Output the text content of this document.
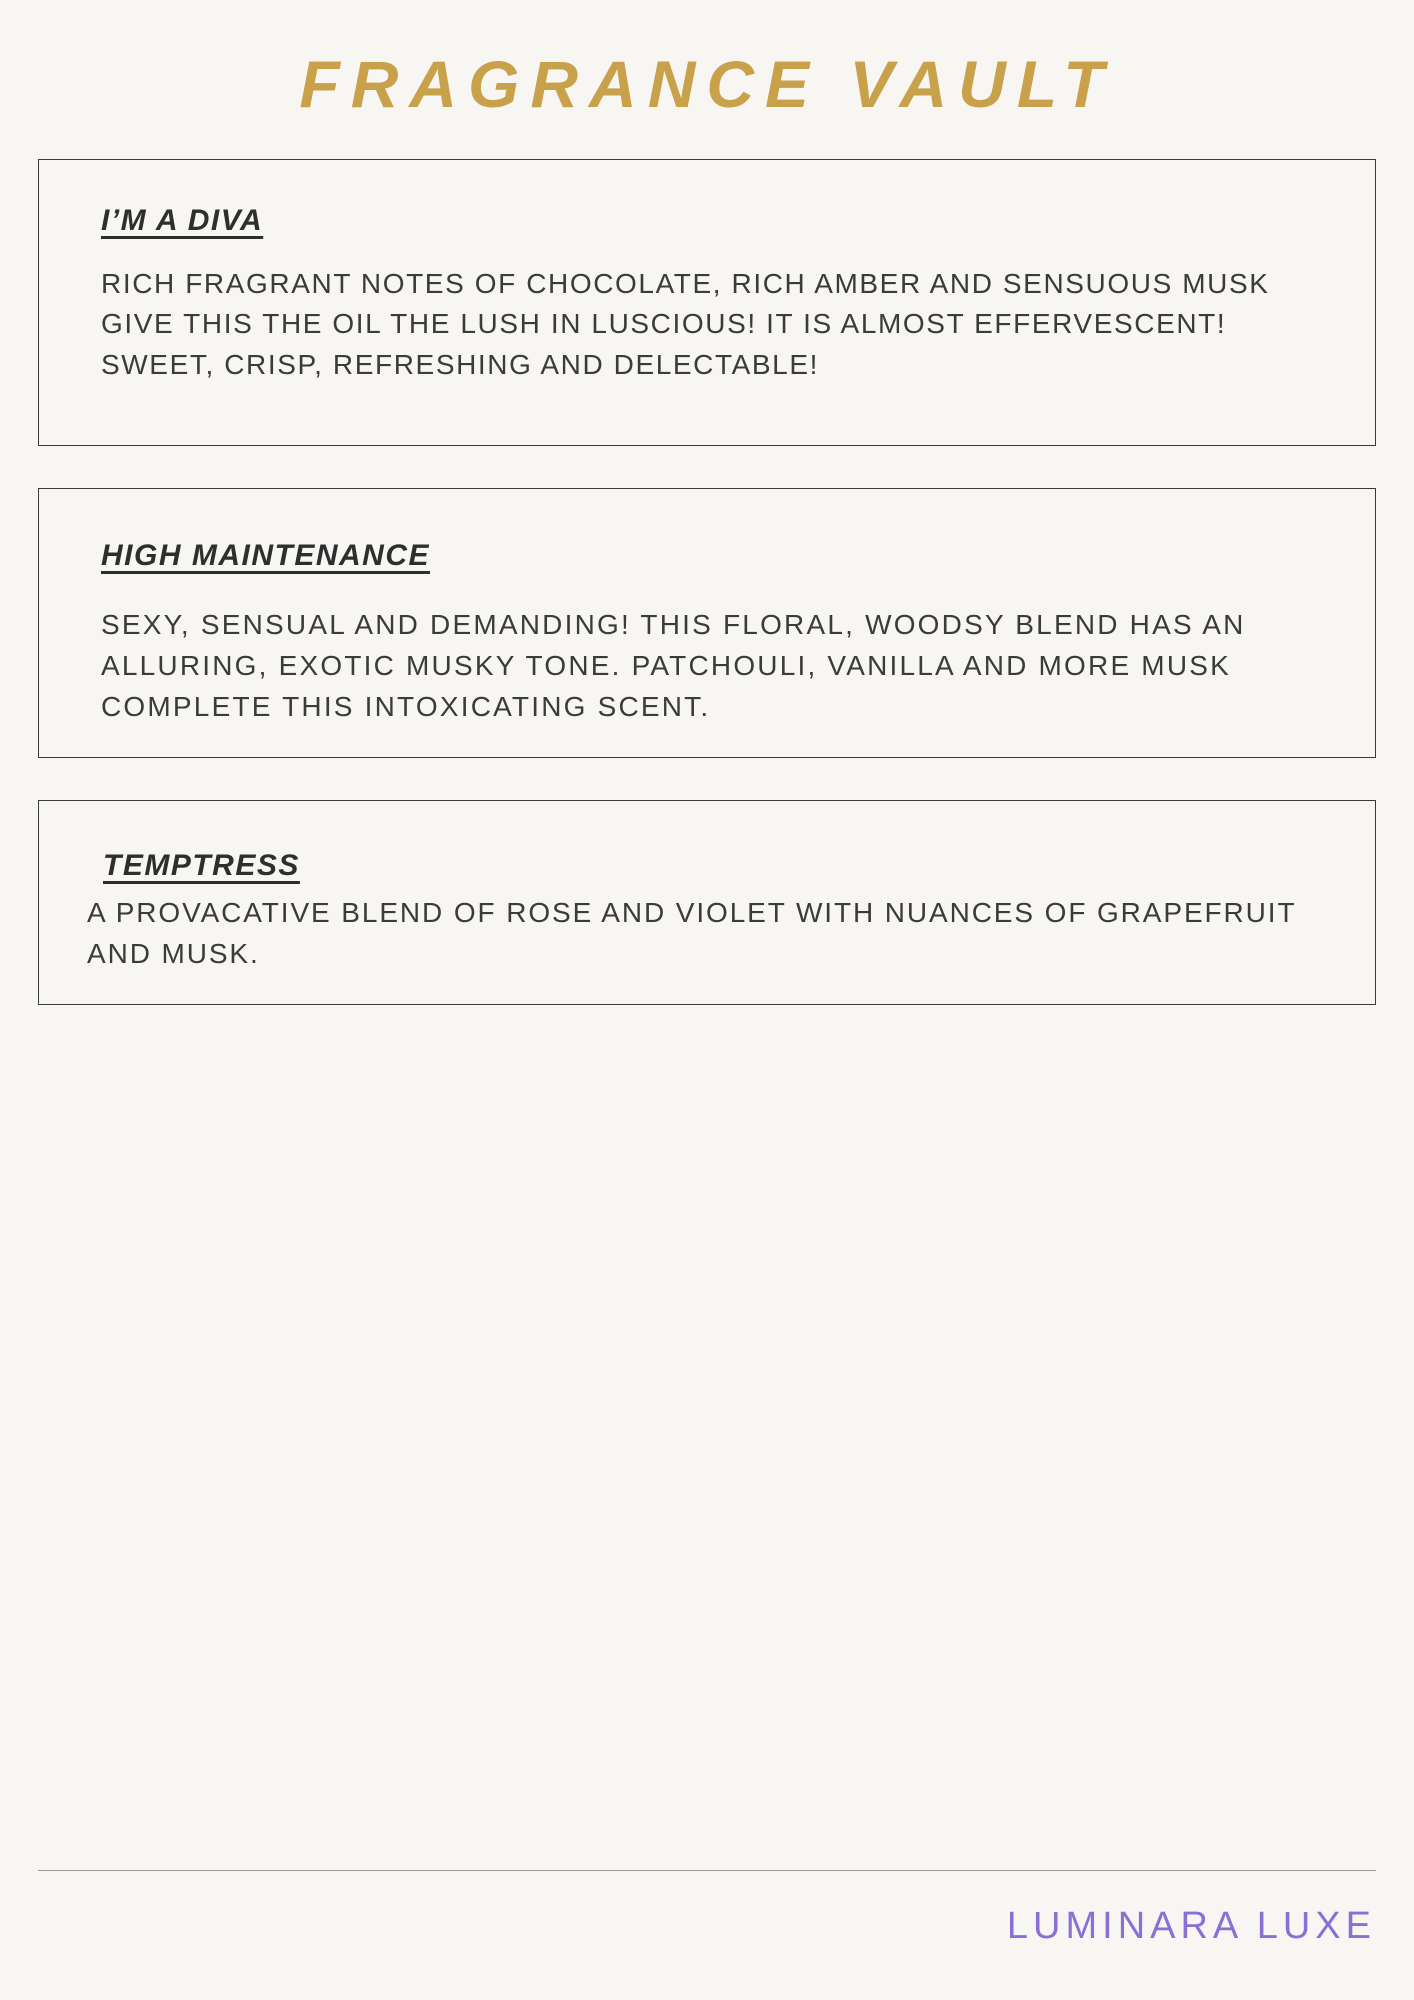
FRAGRANCE VAULT
I’M A DIVA

RICH FRAGRANT NOTES OF CHOCOLATE, RICH AMBER AND SENSUOUS MUSK GIVE THIS THE OIL THE LUSH IN LUSCIOUS! IT IS ALMOST EFFERVESCENT! SWEET, CRISP, REFRESHING AND DELECTABLE!

HIGH MAINTENANCE

SEXY, SENSUAL AND DEMANDING! THIS FLORAL, WOODSY BLEND HAS AN ALLURING, EXOTIC MUSKY TONE. PATCHOULI, VANILLA AND MORE MUSK COMPLETE THIS INTOXICATING SCENT.

TEMPTRESS

A PROVACATIVE BLEND OF ROSE AND VIOLET WITH NUANCES OF GRAPEFRUIT AND MUSK.

LUMINARA LUXE
